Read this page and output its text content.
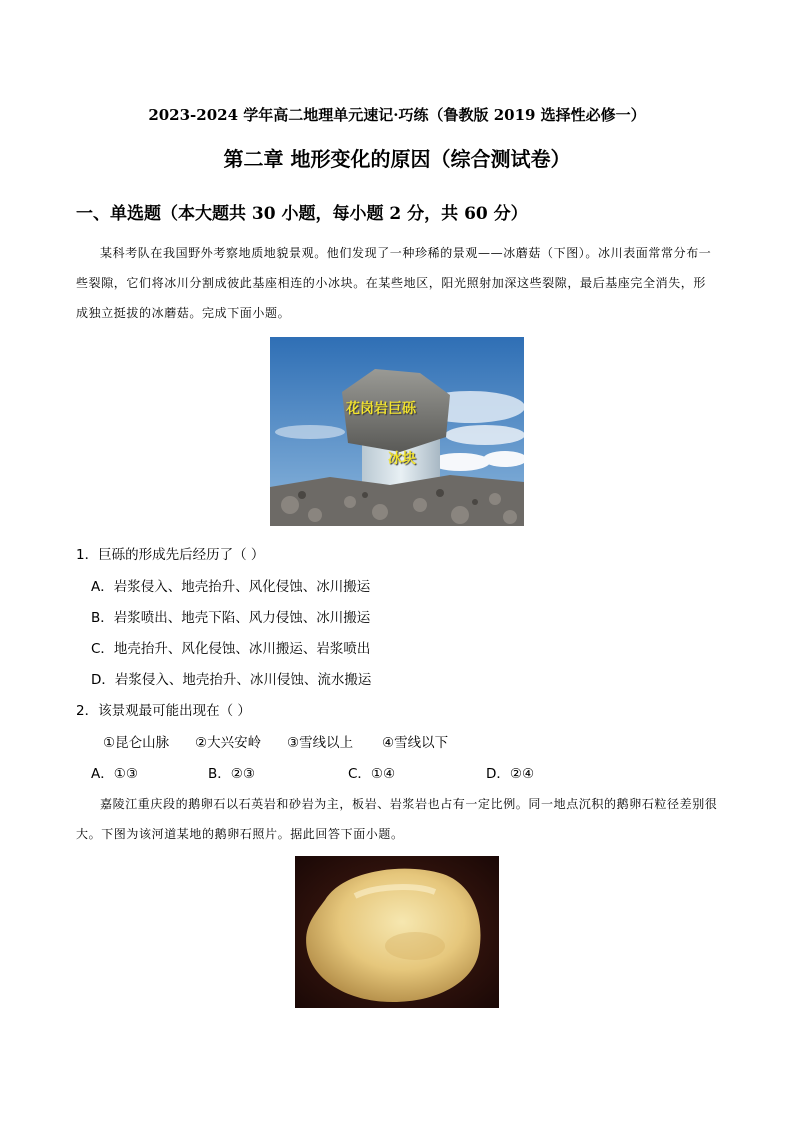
2023-2024 学年高二地理单元速记·巧练（鲁教版 2019 选择性必修一）
第二章 地形变化的原因（综合测试卷）
一、单选题（本大题共 30 小题，每小题 2 分，共 60 分）
某科考队在我国野外考察地质地貌景观。他们发现了一种珍稀的景观——冰蘑菇（下图）。冰川表面常常分布一些裂隙，它们将冰川分割成彼此基座相连的小冰块。在某些地区，阳光照射加深这些裂隙，最后基座完全消失，形成独立挺拔的冰蘑菇。完成下面小题。
花岗岩巨砾
冰块
1．巨砾的形成先后经历了（ ）
A．岩浆侵入、地壳抬升、风化侵蚀、冰川搬运
B．岩浆喷出、地壳下陷、风力侵蚀、冰川搬运
C．地壳抬升、风化侵蚀、冰川搬运、岩浆喷出
D．岩浆侵入、地壳抬升、冰川侵蚀、流水搬运
2．该景观最可能出现在（ ）
①昆仑山脉 ②大兴安岭 ③雪线以上 ④雪线以下
A．①③	B．②③	C．①④	D．②④
嘉陵江重庆段的鹅卵石以石英岩和砂岩为主，板岩、岩浆岩也占有一定比例。同一地点沉积的鹅卵石粒径差别很大。下图为该河道某地的鹅卵石照片。据此回答下面小题。
